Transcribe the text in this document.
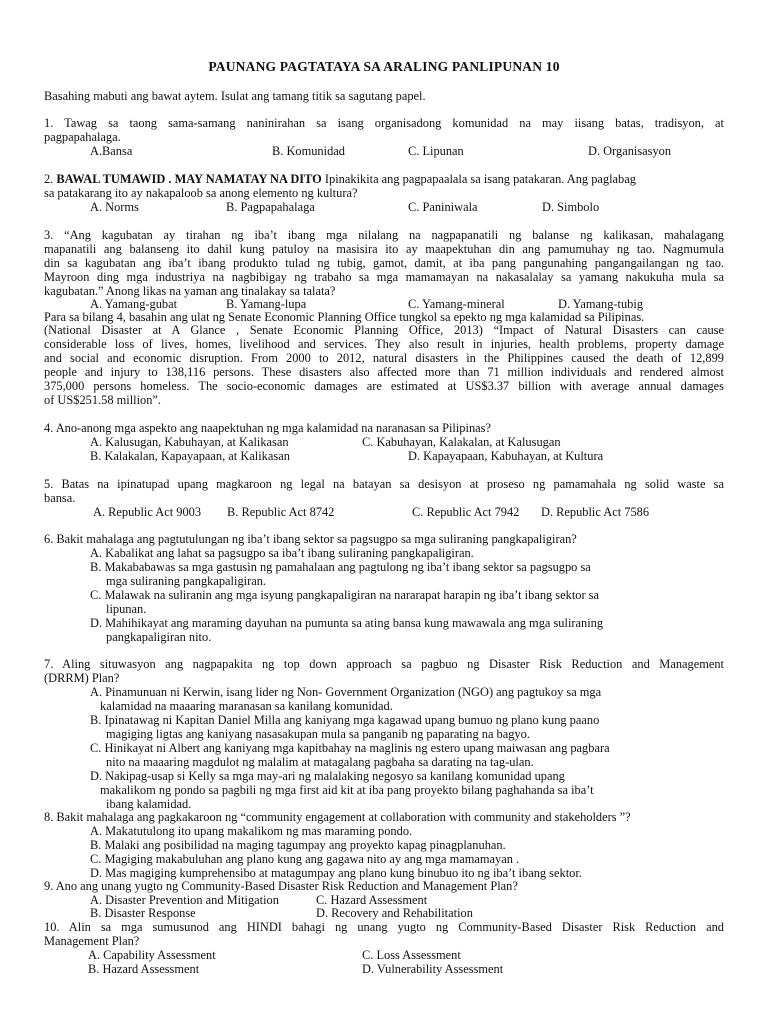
PAUNANG PAGTATAYA SA ARALING PANLIPUNAN 10
Basahing mabuti ang bawat aytem. Isulat ang tamang titik sa sagutang papel.
1. Tawag sa taong sama-samang naninirahan sa isang organisadong komunidad na may iisang batas, tradisyon, at
pagpapahalaga.
A.Bansa	B. Komunidad	C. Lipunan	D. Organisasyon
2. BAWAL TUMAWID . MAY NAMATAY NA DITO Ipinakikita ang pagpapaalala sa isang patakaran. Ang paglabag
sa patakarang ito ay nakapaloob sa anong elemento ng kultura?
A. Norms	B. Pagpapahalaga	C. Paniniwala	D. Simbolo
3. “Ang kagubatan ay tirahan ng iba’t ibang mga nilalang na nagpapanatili ng balanse ng kalikasan, mahalagang
mapanatili ang balanseng ito dahil kung patuloy na masisira ito ay maapektuhan din ang pamumuhay ng tao. Nagmumula
din sa kagubatan ang iba’t ibang produkto tulad ng tubig, gamot, damit, at iba pang pangunahing pangangailangan ng tao.
Mayroon ding mga industriya na nagbibigay ng trabaho sa mga mamamayan na nakasalalay sa yamang nakukuha mula sa
kagubatan.” Anong likas na yaman ang tinalakay sa talata?
A. Yamang-gubat	B. Yamang-lupa	C. Yamang-mineral	D. Yamang-tubig
Para sa bilang 4, basahin ang ulat ng Senate Economic Planning Office tungkol sa epekto ng mga kalamidad sa Pilipinas.
(National Disaster at A Glance , Senate Economic Planning Office, 2013) “Impact of Natural Disasters can cause
considerable loss of lives, homes, livelihood and services. They also result in injuries, health problems, property damage
and social and economic disruption. From 2000 to 2012, natural disasters in the Philippines caused the death of 12,899
people and injury to 138,116 persons. These disasters also affected more than 71 million individuals and rendered almost
375,000 persons homeless. The socio-economic damages are estimated at US$3.37 billion with average annual damages
of US$251.58 million”.
4. Ano-anong mga aspekto ang naapektuhan ng mga kalamidad na naranasan sa Pilipinas?
A. Kalusugan, Kabuhayan, at Kalikasan	C. Kabuhayan, Kalakalan, at Kalusugan
B. Kalakalan, Kapayapaan, at Kalikasan	D. Kapayapaan, Kabuhayan, at Kultura
5. Batas na ipinatupad upang magkaroon ng legal na batayan sa desisyon at proseso ng pamamahala ng solid waste sa
bansa.
A. Republic Act 9003 B. Republic Act 8742	C. Republic Act 7942 D. Republic Act 7586
6. Bakit mahalaga ang pagtutulungan ng iba’t ibang sektor sa pagsugpo sa mga suliraning pangkapaligiran?
A. Kabalikat ang lahat sa pagsugpo sa iba’t ibang suliraning pangkapaligiran.
B. Makababawas sa mga gastusin ng pamahalaan ang pagtulong ng iba’t ibang sektor sa pagsugpo sa
mga suliraning pangkapaligiran.
C. Malawak na suliranin ang mga isyung pangkapaligiran na nararapat harapin ng iba’t ibang sektor sa
lipunan.
D. Mahihikayat ang maraming dayuhan na pumunta sa ating bansa kung mawawala ang mga suliraning
pangkapaligiran nito.
7. Aling situwasyon ang nagpapakita ng top down approach sa pagbuo ng Disaster Risk Reduction and Management
(DRRM) Plan?
A. Pinamunuan ni Kerwin, isang lider ng Non- Government Organization (NGO) ang pagtukoy sa mga
kalamidad na maaaring maranasan sa kanilang komunidad.
B. Ipinatawag ni Kapitan Daniel Milla ang kaniyang mga kagawad upang bumuo ng plano kung paano
magiging ligtas ang kaniyang nasasakupan mula sa panganib ng paparating na bagyo.
C. Hinikayat ni Albert ang kaniyang mga kapitbahay na maglinis ng estero upang maiwasan ang pagbara
nito na maaaring magdulot ng malalim at matagalang pagbaha sa darating na tag-ulan.
D. Nakipag-usap si Kelly sa mga may-ari ng malalaking negosyo sa kanilang komunidad upang
makalikom ng pondo sa pagbili ng mga first aid kit at iba pang proyekto bilang paghahanda sa iba’t
ibang kalamidad.
8. Bakit mahalaga ang pagkakaroon ng “community engagement at collaboration with community and stakeholders ”?
A. Makatutulong ito upang makalikom ng mas maraming pondo.
B. Malaki ang posibilidad na maging tagumpay ang proyekto kapag pinagplanuhan.
C. Magiging makabuluhan ang plano kung ang gagawa nito ay ang mga mamamayan .
D. Mas magiging kumprehensibo at matagumpay ang plano kung binubuo ito ng iba’t ibang sektor.
9. Ano ang unang yugto ng Community-Based Disaster Risk Reduction and Management Plan?
A. Disaster Prevention and Mitigation	C. Hazard Assessment
B. Disaster Response	D. Recovery and Rehabilitation
10. Alin sa mga sumusunod ang HINDI bahagi ng unang yugto ng Community-Based Disaster Risk Reduction and
Management Plan?
A. Capability Assessment	C. Loss Assessment
B. Hazard Assessment	D. Vulnerability Assessment
